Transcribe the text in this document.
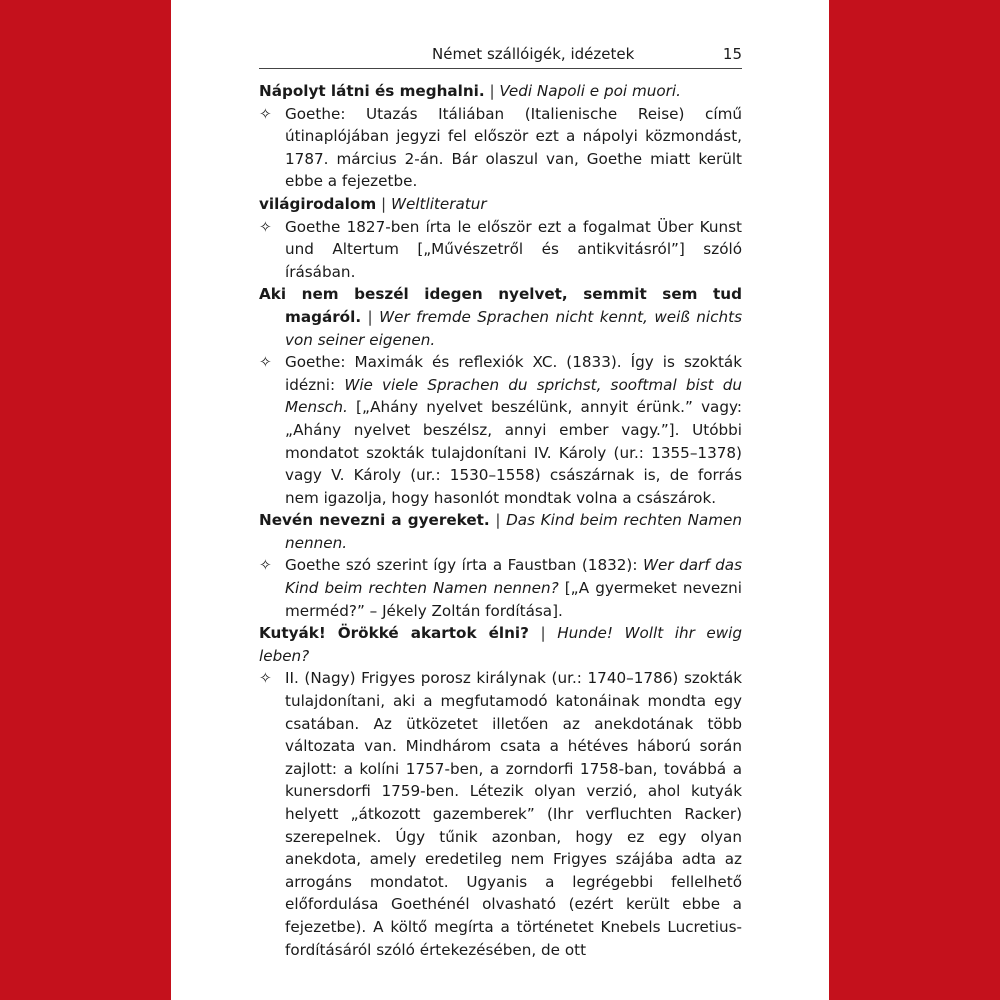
Német szállóigék, idézetek	15

Nápolyt látni és meghalni. | Vedi Napoli e poi muori.

✧ Goethe: Utazás Itáliában (Italienische Reise) című útinaplójában jegyzi fel először ezt a nápolyi közmondást, 1787. március 2-án. Bár olaszul van, Goethe miatt került ebbe a fejezetbe.

világirodalom | Weltliteratur

✧ Goethe 1827-ben írta le először ezt a fogalmat Über Kunst und Altertum [„Művészetről és antikvitásról”] szóló írásában.

Aki nem beszél idegen nyelvet, semmit sem tud magáról. | Wer fremde Sprachen nicht kennt, weiß nichts von seiner eigenen.

✧ Goethe: Maximák és reflexiók XC. (1833). Így is szokták idézni: Wie viele Sprachen du sprichst, sooftmal bist du Mensch. [„Ahány nyelvet beszélünk, annyit érünk.” vagy: „Ahány nyelvet beszélsz, annyi ember vagy.”]. Utóbbi mondatot szokták tulajdonítani IV. Károly (ur.: 1355–1378) vagy V. Károly (ur.: 1530–1558) császárnak is, de forrás nem igazolja, hogy hasonlót mondtak volna a császárok.

Nevén nevezni a gyereket. | Das Kind beim rechten Namen nennen.

✧ Goethe szó szerint így írta a Faustban (1832): Wer darf das Kind beim rechten Namen nennen? [„A gyermeket nevezni merméd?” – Jékely Zoltán fordítása].

Kutyák! Örökké akartok élni? | Hunde! Wollt ihr ewig leben?

✧ II. (Nagy) Frigyes porosz királynak (ur.: 1740–1786) szokták tulajdonítani, aki a megfutamodó katonáinak mondta egy csatában. Az ütközetet illetően az anekdotának több változata van. Mindhárom csata a hétéves háború során zajlott: a kolíni 1757-ben, a zorndorfi 1758-ban, továbbá a kunersdorfi 1759-ben. Létezik olyan verzió, ahol kutyák helyett „átkozott gazemberek” (Ihr verfluchten Racker) szerepelnek. Úgy tűnik azonban, hogy ez egy olyan anekdota, amely eredetileg nem Frigyes szájába adta az arrogáns mondatot. Ugyanis a legrégebbi fellelhető előfordulása Goethénél olvasható (ezért került ebbe a fejezetbe). A költő megírta a történetet Knebels Lucretius-fordításáról szóló értekezésében, de ott
